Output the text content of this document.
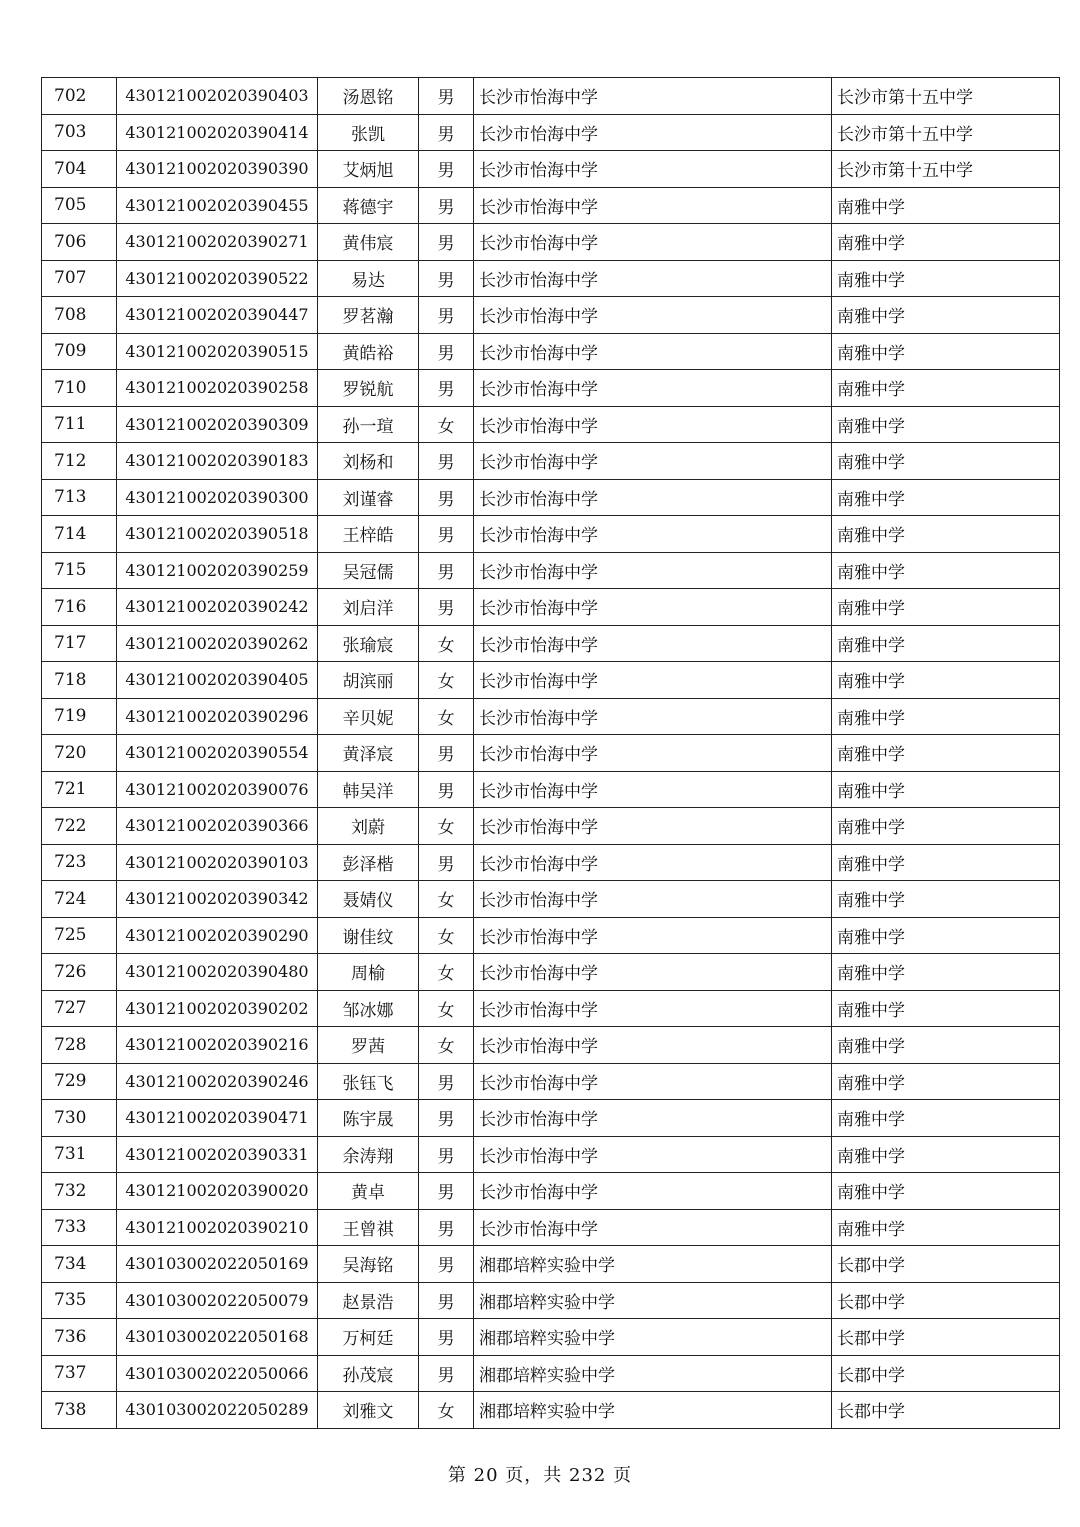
702	430121002020390403	汤恩铭	男	长沙市怡海中学	长沙市第十五中学
703	430121002020390414	张凯	男	长沙市怡海中学	长沙市第十五中学
704	430121002020390390	艾炳旭	男	长沙市怡海中学	长沙市第十五中学
705	430121002020390455	蒋德宇	男	长沙市怡海中学	南雅中学
706	430121002020390271	黄伟宸	男	长沙市怡海中学	南雅中学
707	430121002020390522	易达	男	长沙市怡海中学	南雅中学
708	430121002020390447	罗茗瀚	男	长沙市怡海中学	南雅中学
709	430121002020390515	黄皓裕	男	长沙市怡海中学	南雅中学
710	430121002020390258	罗锐航	男	长沙市怡海中学	南雅中学
711	430121002020390309	孙一瑄	女	长沙市怡海中学	南雅中学
712	430121002020390183	刘杨和	男	长沙市怡海中学	南雅中学
713	430121002020390300	刘谨睿	男	长沙市怡海中学	南雅中学
714	430121002020390518	王梓皓	男	长沙市怡海中学	南雅中学
715	430121002020390259	吴冠儒	男	长沙市怡海中学	南雅中学
716	430121002020390242	刘启洋	男	长沙市怡海中学	南雅中学
717	430121002020390262	张瑜宸	女	长沙市怡海中学	南雅中学
718	430121002020390405	胡滨丽	女	长沙市怡海中学	南雅中学
719	430121002020390296	辛贝妮	女	长沙市怡海中学	南雅中学
720	430121002020390554	黄泽宸	男	长沙市怡海中学	南雅中学
721	430121002020390076	韩吴洋	男	长沙市怡海中学	南雅中学
722	430121002020390366	刘蔚	女	长沙市怡海中学	南雅中学
723	430121002020390103	彭泽楷	男	长沙市怡海中学	南雅中学
724	430121002020390342	聂婧仪	女	长沙市怡海中学	南雅中学
725	430121002020390290	谢佳纹	女	长沙市怡海中学	南雅中学
726	430121002020390480	周榆	女	长沙市怡海中学	南雅中学
727	430121002020390202	邹冰娜	女	长沙市怡海中学	南雅中学
728	430121002020390216	罗茜	女	长沙市怡海中学	南雅中学
729	430121002020390246	张钰飞	男	长沙市怡海中学	南雅中学
730	430121002020390471	陈宇晟	男	长沙市怡海中学	南雅中学
731	430121002020390331	余涛翔	男	长沙市怡海中学	南雅中学
732	430121002020390020	黄卓	男	长沙市怡海中学	南雅中学
733	430121002020390210	王曾祺	男	长沙市怡海中学	南雅中学
734	430103002022050169	吴海铭	男	湘郡培粹实验中学	长郡中学
735	430103002022050079	赵景浩	男	湘郡培粹实验中学	长郡中学
736	430103002022050168	万柯廷	男	湘郡培粹实验中学	长郡中学
737	430103002022050066	孙茂宸	男	湘郡培粹实验中学	长郡中学
738	430103002022050289	刘雅文	女	湘郡培粹实验中学	长郡中学
第 20 页，共 232 页
